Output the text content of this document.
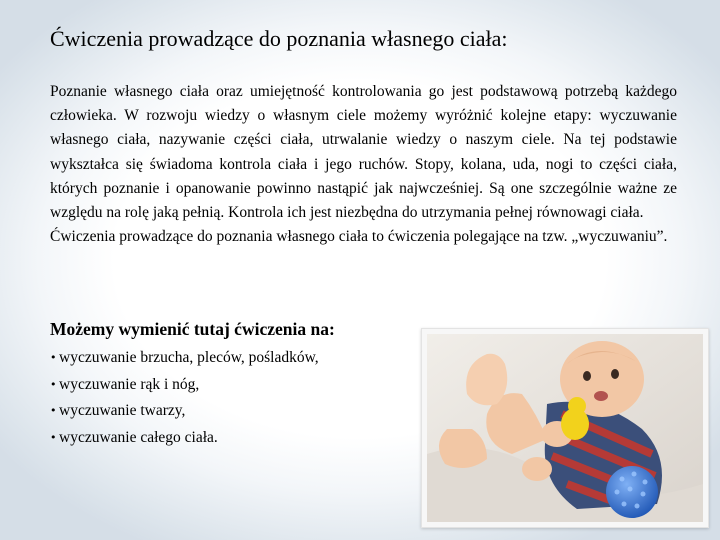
Ćwiczenia prowadzące do poznania własnego ciała:

Poznanie własnego ciała oraz umiejętność kontrolowania go jest podstawową potrzebą każdego człowieka. W rozwoju wiedzy o własnym ciele możemy wyróżnić kolejne etapy: wyczuwanie własnego ciała, nazywanie części ciała, utrwalanie wiedzy o naszym ciele. Na tej podstawie wykształca się świadoma kontrola ciała i jego ruchów. Stopy, kolana, uda, nogi to części ciała, których poznanie i opanowanie powinno nastąpić jak najwcześniej. Są one szczególnie ważne ze względu na rolę jaką pełnią. Kontrola ich jest niezbędna do utrzymania pełnej równowagi ciała.

Ćwiczenia prowadzące do poznania własnego ciała to ćwiczenia polegające na tzw. „wyczuwaniu”.

Możemy wymienić tutaj ćwiczenia na:
• wyczuwanie brzucha, pleców, pośladków,
• wyczuwanie rąk i nóg,
• wyczuwanie twarzy,
• wyczuwanie całego ciała.
